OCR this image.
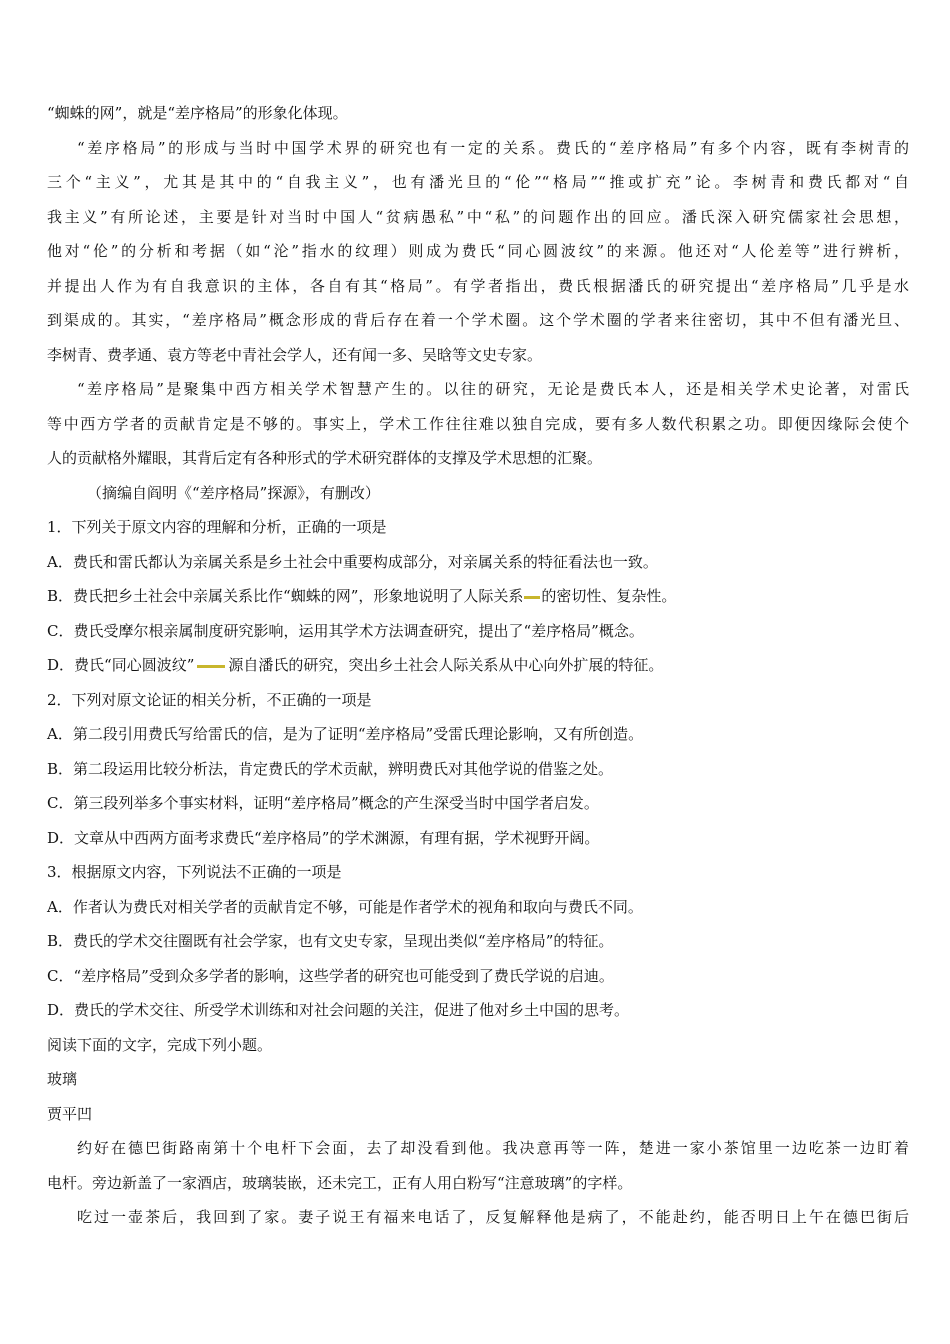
“蜘蛛的网”，就是“差序格局”的形象化体现。
“差序格局”的形成与当时中国学术界的研究也有一定的关系。费氏的“差序格局”有多个内容，既有李树青的
三个“主义”，尤其是其中的“自我主义”，也有潘光旦的“伦”“格局”“推或扩充”论。李树青和费氏都对“自
我主义”有所论述，主要是针对当时中国人“贫病愚私”中“私”的问题作出的回应。潘氏深入研究儒家社会思想，
他对“伦”的分析和考据（如“沦”指水的纹理）则成为费氏“同心圆波纹”的来源。他还对“人伦差等”进行辨析，
并提出人作为有自我意识的主体，各自有其“格局”。有学者指出，费氏根据潘氏的研究提出“差序格局”几乎是水
到渠成的。其实，“差序格局”概念形成的背后存在着一个学术圈。这个学术圈的学者来往密切，其中不但有潘光旦、
李树青、费孝通、袁方等老中青社会学人，还有闻一多、吴晗等文史专家。
“差序格局”是聚集中西方相关学术智慧产生的。以往的研究，无论是费氏本人，还是相关学术史论著，对雷氏
等中西方学者的贡献肯定是不够的。事实上，学术工作往往难以独自完成，要有多人数代积累之功。即便因缘际会使个
人的贡献格外耀眼，其背后定有各种形式的学术研究群体的支撑及学术思想的汇聚。
（摘编自阎明《“差序格局”探源》，有删改）
1．下列关于原文内容的理解和分析，正确的一项是
A．费氏和雷氏都认为亲属关系是乡土社会中重要构成部分，对亲属关系的特征看法也一致。
B．费氏把乡土社会中亲属关系比作“蜘蛛的网”，形象地说明了人际关系 的密切性、复杂性。
C．费氏受摩尔根亲属制度研究影响，运用其学术方法调查研究，提出了“差序格局”概念。
D．费氏“同心圆波纹” 源自潘氏的研究，突出乡土社会人际关系从中心向外扩展的特征。
2．下列对原文论证的相关分析，不正确的一项是
A．第二段引用费氏写给雷氏的信，是为了证明“差序格局”受雷氏理论影响，又有所创造。
B．第二段运用比较分析法，肯定费氏的学术贡献，辨明费氏对其他学说的借鉴之处。
C．第三段列举多个事实材料，证明“差序格局”概念的产生深受当时中国学者启发。
D．文章从中西两方面考求费氏“差序格局”的学术渊源，有理有据，学术视野开阔。
3．根据原文内容，下列说法不正确的一项是
A．作者认为费氏对相关学者的贡献肯定不够，可能是作者学术的视角和取向与费氏不同。
B．费氏的学术交往圈既有社会学家，也有文史专家，呈现出类似“差序格局”的特征。
C．“差序格局”受到众多学者的影响，这些学者的研究也可能受到了费氏学说的启迪。
D．费氏的学术交往、所受学术训练和对社会问题的关注，促进了他对乡土中国的思考。
阅读下面的文字，完成下列小题。
玻璃
贾平凹
约好在德巴街路南第十个电杆下会面，去了却没看到他。我决意再等一阵，楚进一家小茶馆里一边吃茶一边盯着
电杆。旁边新盖了一家酒店，玻璃装嵌，还未完工，正有人用白粉写“注意玻璃”的字样。
吃过一壶茶后，我回到了家。妻子说王有福来电话了，反复解释他是病了，不能赴约，能否明日上午在德巴街后
